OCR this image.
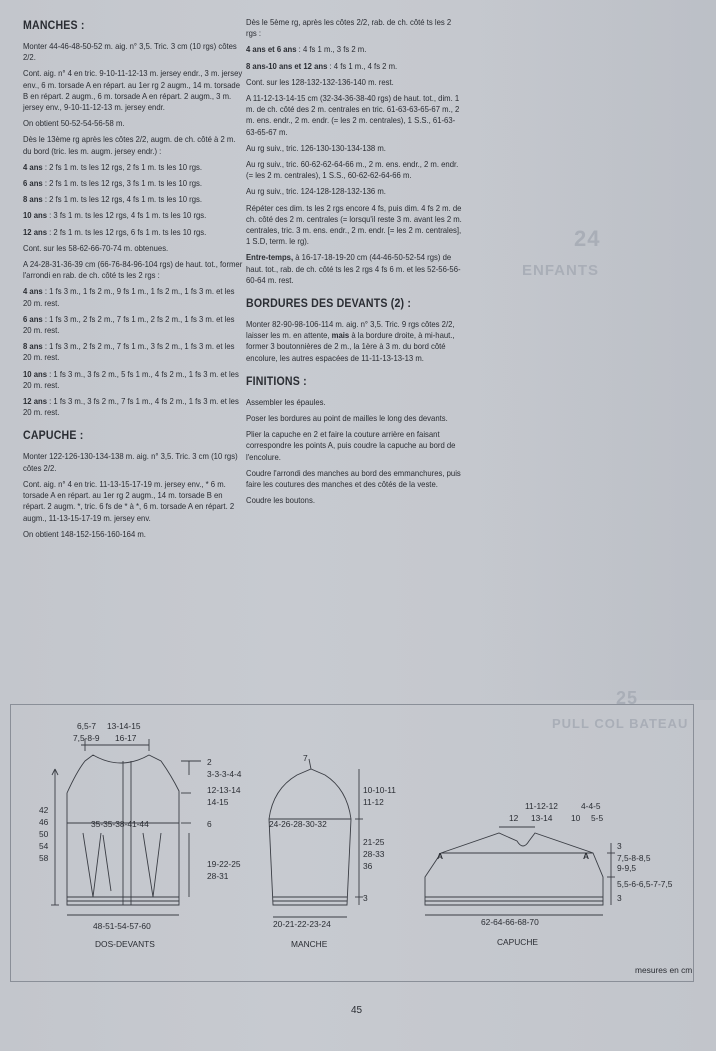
24
ENFANTS
25
PULL COL BATEAU
MANCHES :

Monter 44-46-48-50-52 m. aig. n° 3,5. Tric. 3 cm (10 rgs) côtes 2/2.

Cont. aig. n° 4 en tric. 9-10-11-12-13 m. jersey endr., 3 m. jersey env., 6 m. torsade A en répart. au 1er rg 2 augm., 14 m. torsade B en répart. 2 augm., 6 m. torsade A en répart. 2 augm., 3 m. jersey env., 9-10-11-12-13 m. jersey endr.

On obtient 50-52-54-56-58 m.

Dès le 13ème rg après les côtes 2/2, augm. de ch. côté à 2 m. du bord (tric. les m. augm. jersey endr.) :

4 ans : 2 fs 1 m. ts les 12 rgs, 2 fs 1 m. ts les 10 rgs.

6 ans : 2 fs 1 m. ts les 12 rgs, 3 fs 1 m. ts les 10 rgs.

8 ans : 2 fs 1 m. ts les 12 rgs, 4 fs 1 m. ts les 10 rgs.

10 ans : 3 fs 1 m. ts les 12 rgs, 4 fs 1 m. ts les 10 rgs.

12 ans : 2 fs 1 m. ts les 12 rgs, 6 fs 1 m. ts les 10 rgs.

Cont. sur les 58-62-66-70-74 m. obtenues.

A 24-28-31-36-39 cm (66-76-84-96-104 rgs) de haut. tot., former l'arrondi en rab. de ch. côté ts les 2 rgs :

4 ans : 1 fs 3 m., 1 fs 2 m., 9 fs 1 m., 1 fs 2 m., 1 fs 3 m. et les 20 m. rest.

6 ans : 1 fs 3 m., 2 fs 2 m., 7 fs 1 m., 2 fs 2 m., 1 fs 3 m. et les 20 m. rest.

8 ans : 1 fs 3 m., 2 fs 2 m., 7 fs 1 m., 3 fs 2 m., 1 fs 3 m. et les 20 m. rest.

10 ans : 1 fs 3 m., 3 fs 2 m., 5 fs 1 m., 4 fs 2 m., 1 fs 3 m. et les 20 m. rest.

12 ans : 1 fs 3 m., 3 fs 2 m., 7 fs 1 m., 4 fs 2 m., 1 fs 3 m. et les 20 m. rest.

CAPUCHE :

Monter 122-126-130-134-138 m. aig. n° 3,5. Tric. 3 cm (10 rgs) côtes 2/2.

Cont. aig. n° 4 en tric. 11-13-15-17-19 m. jersey env., * 6 m. torsade A en répart. au 1er rg 2 augm., 14 m. torsade B en répart. 2 augm. *, tric. 6 fs de * à *, 6 m. torsade A en répart. 2 augm., 11-13-15-17-19 m. jersey env.

On obtient 148-152-156-160-164 m.

Dès le 5ème rg, après les côtes 2/2, rab. de ch. côté ts les 2 rgs :

4 ans et 6 ans : 4 fs 1 m., 3 fs 2 m.

8 ans-10 ans et 12 ans : 4 fs 1 m., 4 fs 2 m.

Cont. sur les 128-132-132-136-140 m. rest.

A 11-12-13-14-15 cm (32-34-36-38-40 rgs) de haut. tot., dim. 1 m. de ch. côté des 2 m. centrales en tric. 61-63-63-65-67 m., 2 m. ens. endr., 2 m. endr. (= les 2 m. centrales), 1 S.S., 61-63-63-65-67 m.

Au rg suiv., tric. 126-130-130-134-138 m.

Au rg suiv., tric. 60-62-62-64-66 m., 2 m. ens. endr., 2 m. endr. (= les 2 m. centrales), 1 S.S., 60-62-62-64-66 m.

Au rg suiv., tric. 124-128-128-132-136 m.

Répéter ces dim. ts les 2 rgs encore 4 fs, puis dim. 4 fs 2 m. de ch. côté des 2 m. centrales (= lorsqu'il reste 3 m. avant les 2 m. centrales, tric. 3 m. ens. endr., 2 m. endr. [= les 2 m. centrales], 1 S.D, term. le rg).

Entre-temps, à 16-17-18-19-20 cm (44-46-50-52-54 rgs) de haut. tot., rab. de ch. côté ts les 2 rgs 4 fs 6 m. et les 52-56-56-60-64 m. rest.

BORDURES DES DEVANTS (2) :

Monter 82-90-98-106-114 m. aig. n° 3,5. Tric. 9 rgs côtes 2/2, laisser les m. en attente, mais à la bordure droite, à mi-haut., former 3 boutonnières de 2 m., la 1ère à 3 m. du bord côté encolure, les autres espacées de 11-11-13-13-13 m.

FINITIONS :

Assembler les épaules.

Poser les bordures au point de mailles le long des devants.

Plier la capuche en 2 et faire la couture arrière en faisant correspondre les points A, puis coudre la capuche au bord de l'encolure.

Coudre l'arrondi des manches au bord des emmanchures, puis faire les coutures des manches et des côtés de la veste.

Coudre les boutons.

6,5-7 13-14-15
7,5-8-9 16-17
2
3-3-3-4-4
12-13-14
14-15
6
19-22-25
28-31
42
46
50
54
58
35-35-38-41-44
48-51-54-57-60
DOS-DEVANTS
7
10-10-11
11-12
24-26-28-30-32
21-25
28-33
36
3
20-21-22-23-24
MANCHE
11-12-12	4-4-5
12 13-14 10 5-5
A	A
3
7,5-8-8,5
9-9,5
5,5-6-6,5-7-7,5
3
62-64-66-68-70
CAPUCHE
mesures en cm
45
